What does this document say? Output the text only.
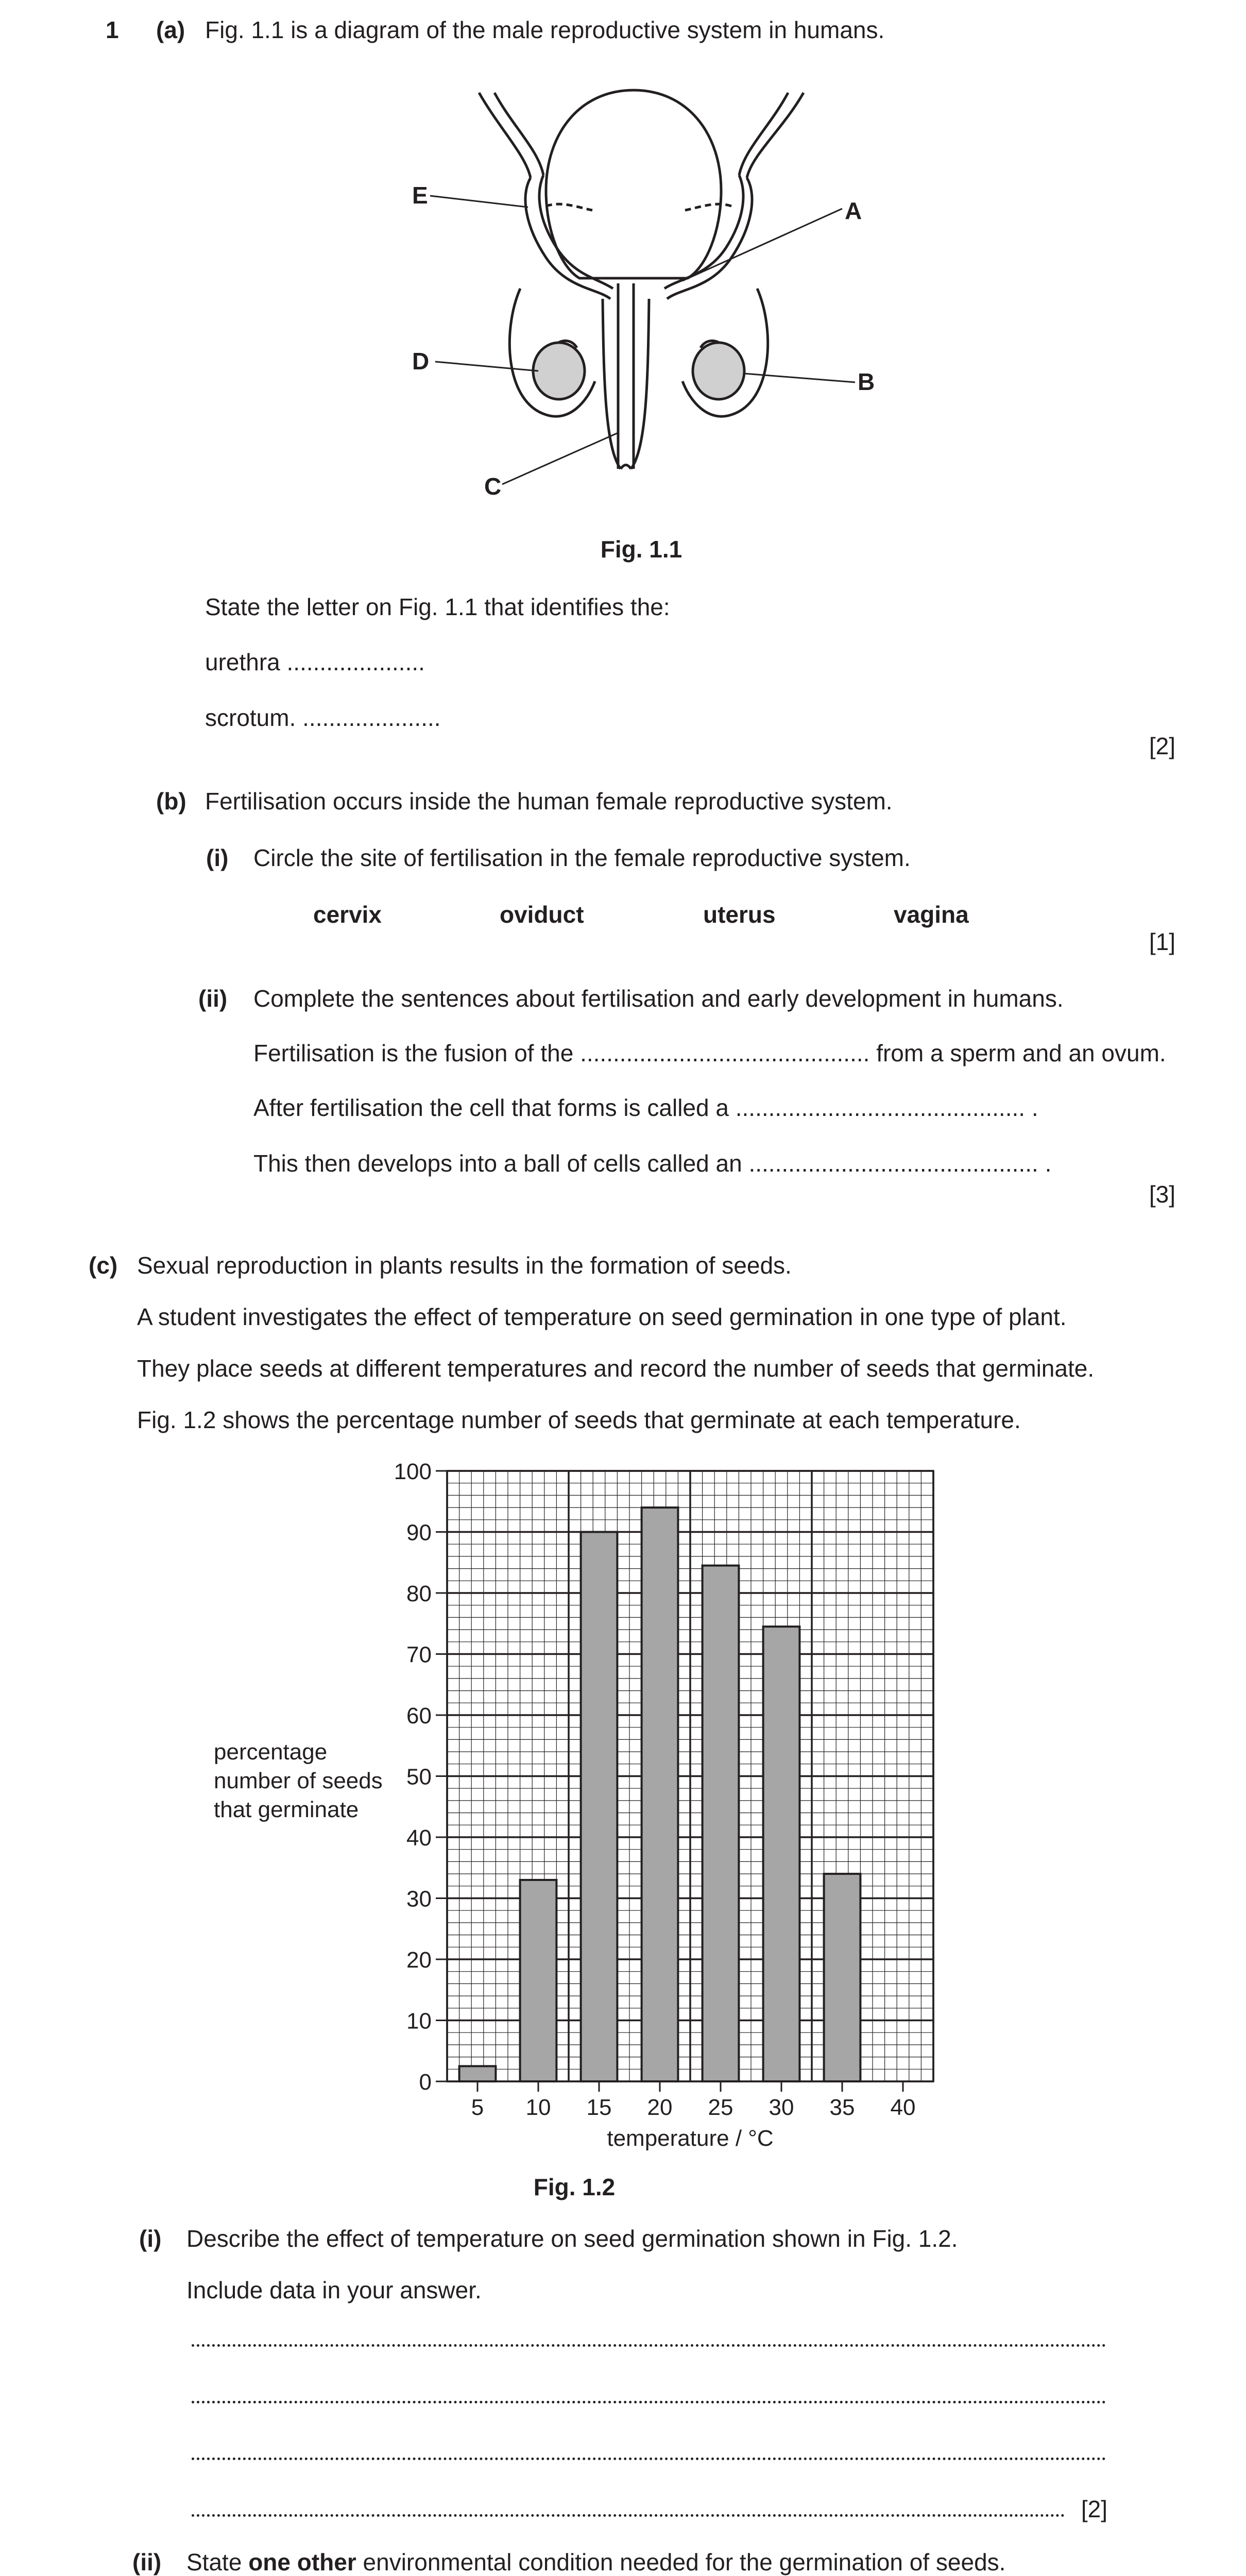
1 (a) Fig. 1.1 is a diagram of the male reproductive system in humans.
E
A
D
B
C
Fig. 1.1
State the letter on Fig. 1.1 that identifies the:
urethra .....................
scrotum. .....................
[2]
(b) Fertilisation occurs inside the human female reproductive system.
(i) Circle the site of fertilisation in the female reproductive system.
cervix	oviduct	uterus	vagina
[1]
(ii) Complete the sentences about fertilisation and early development in humans.
Fertilisation is the fusion of the ............................................ from a sperm and an ovum.
After fertilisation the cell that forms is called a ............................................ .
This then develops into a ball of cells called an ............................................ .
[3]
(c) Sexual reproduction in plants results in the formation of seeds.
A student investigates the effect of temperature on seed germination in one type of plant.
They place seeds at different temperatures and record the number of seeds that germinate.
Fig. 1.2 shows the percentage number of seeds that germinate at each temperature.
0
10
20
30
40
50
60
70
80
90
100
5 10 15 20 25 30 35 40
temperature / °C
percentage
number of seeds
that germinate
Fig. 1.2
(i) Describe the effect of temperature on seed germination shown in Fig. 1.2.
Include data in your answer.
[2]
(ii) State one other environmental condition needed for the germination of seeds.
